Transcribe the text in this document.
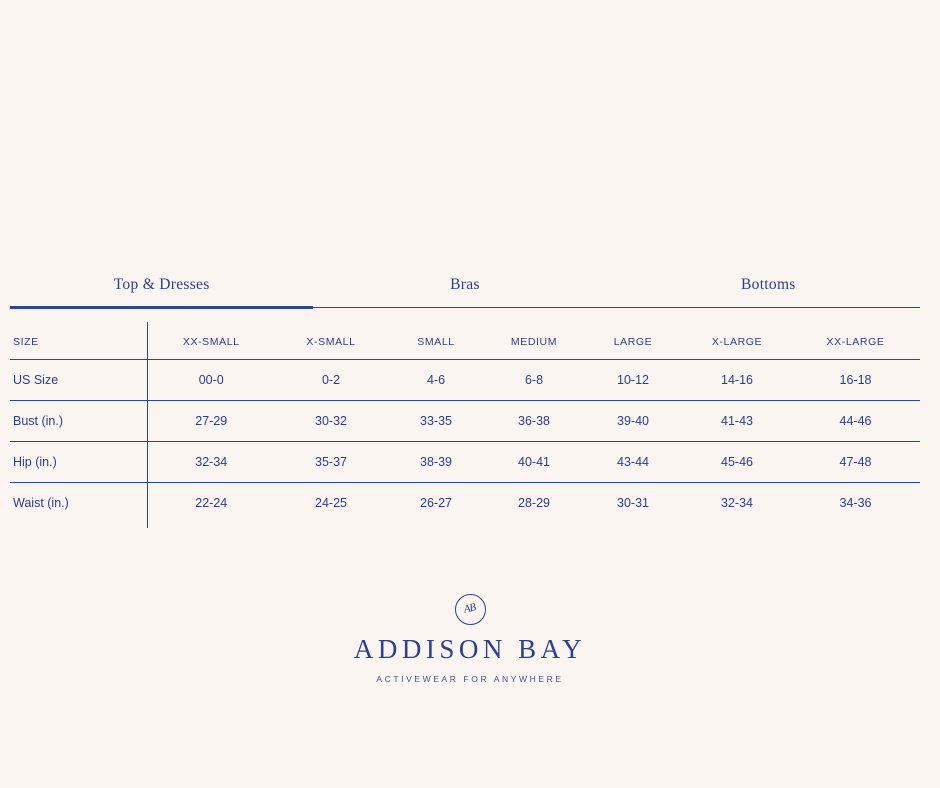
Top & Dresses	Bras	Bottoms
SIZE	XX-SMALL	X-SMALL	SMALL	MEDIUM	LARGE	X-LARGE	XX-LARGE
US Size	00-0	0-2	4-6	6-8	10-12	14-16	16-18
Bust (in.)	27-29	30-32	33-35	36-38	39-40	41-43	44-46
Hip (in.)	32-34	35-37	38-39	40-41	43-44	45-46	47-48
Waist (in.)	22-24	24-25	26-27	28-29	30-31	32-34	34-36
AB
ADDISON BAY
ACTIVEWEAR FOR ANYWHERE
